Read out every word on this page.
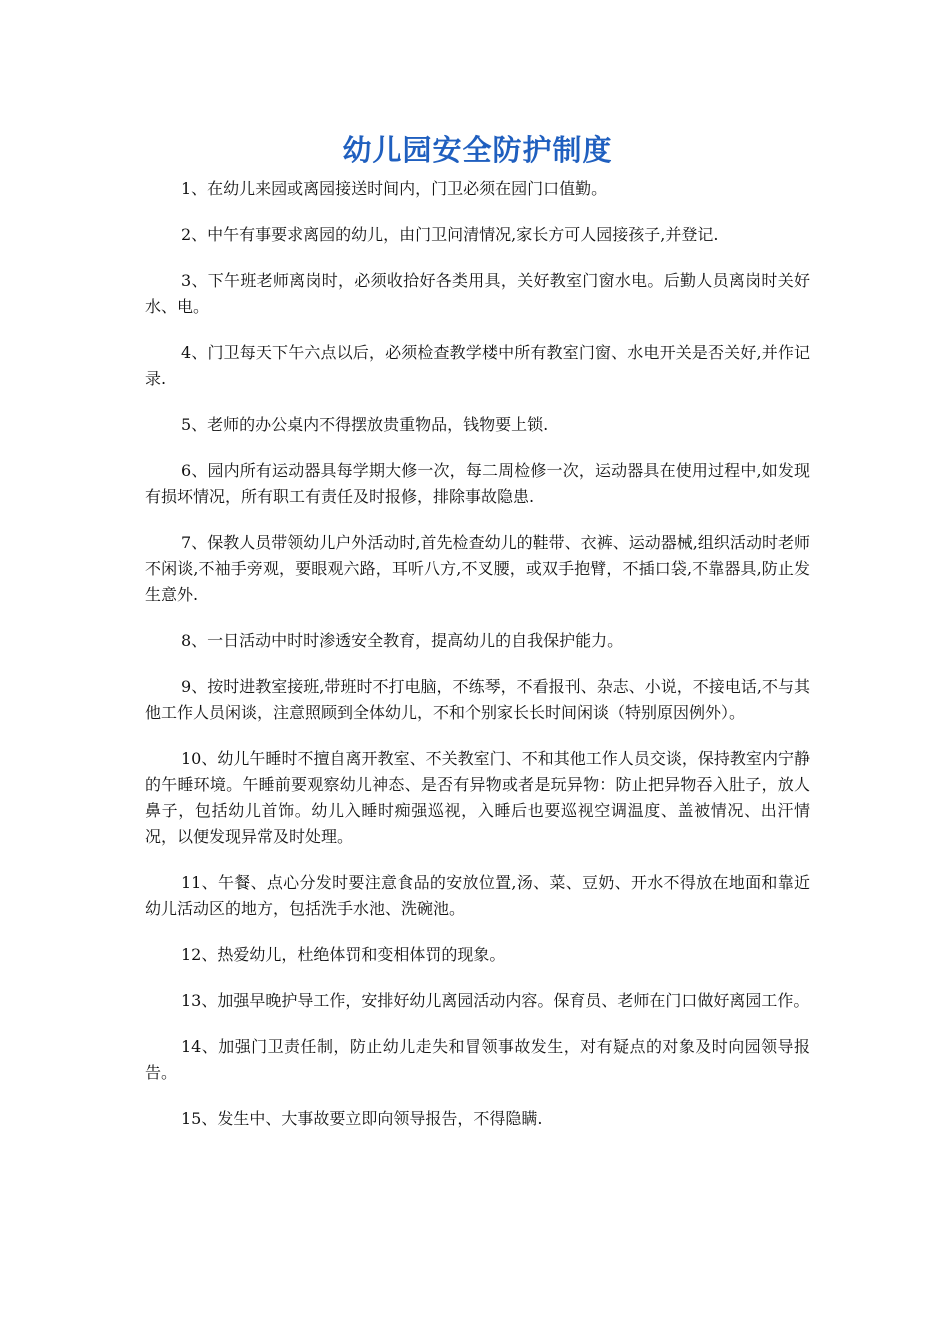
幼儿园安全防护制度
1、在幼儿来园或离园接送时间内，门卫必须在园门口值勤。
2、中午有事要求离园的幼儿，由门卫问清情况,家长方可人园接孩子,并登记.
3、下午班老师离岗时，必须收拾好各类用具，关好教室门窗水电。后勤人员离岗时关好水、电。
4、门卫每天下午六点以后，必须检查教学楼中所有教室门窗、水电开关是否关好,并作记录.
5、老师的办公桌内不得摆放贵重物品，钱物要上锁.
6、园内所有运动器具每学期大修一次，每二周检修一次，运动器具在使用过程中,如发现有损坏情况，所有职工有责任及时报修，排除事故隐患.
7、保教人员带领幼儿户外活动时,首先检查幼儿的鞋带、衣裤、运动器械,组织活动时老师不闲谈,不袖手旁观，要眼观六路，耳听八方,不叉腰，或双手抱臂，不插口袋,不靠器具,防止发生意外.
8、一日活动中时时渗透安全教育，提高幼儿的自我保护能力。
9、按时进教室接班,带班时不打电脑，不练琴，不看报刊、杂志、小说，不接电话,不与其他工作人员闲谈，注意照顾到全体幼儿，不和个别家长长时间闲谈（特别原因例外）。
10、幼儿午睡时不擅自离开教室、不关教室门、不和其他工作人员交谈，保持教室内宁静的午睡环境。午睡前要观察幼儿神态、是否有异物或者是玩异物：防止把异物吞入肚子，放人鼻子，包括幼儿首饰。幼儿入睡时痴强巡视，入睡后也要巡视空调温度、盖被情况、出汗情况，以便发现异常及时处理。
11、午餐、点心分发时要注意食品的安放位置,汤、菜、豆奶、开水不得放在地面和靠近幼儿活动区的地方，包括洗手水池、洗碗池。
12、热爱幼儿，杜绝体罚和变相体罚的现象。
13、加强早晚护导工作，安排好幼儿离园活动内容。保育员、老师在门口做好离园工作。
14、加强门卫责任制，防止幼儿走失和冒领事故发生，对有疑点的对象及时向园领导报告。
15、发生中、大事故要立即向领导报告，不得隐瞒.
